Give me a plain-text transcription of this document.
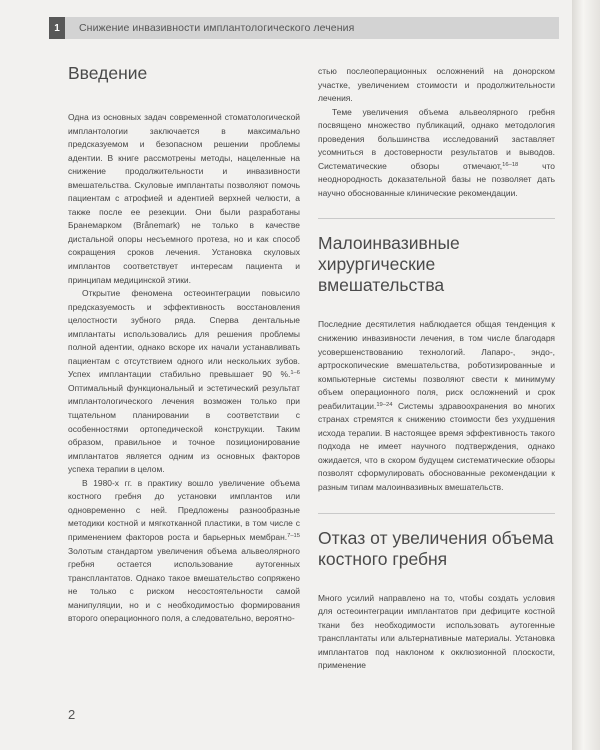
1	Снижение инвазивности имплантологического лечения
Введение

Одна из основных задач современной стоматологической имплантологии заключается в максимально предсказуемом и безопасном решении проблемы адентии. В книге рассмотрены методы, нацеленные на снижение продолжительности и инвазивности вмешательства. Скуловые имплантаты позволяют помочь пациентам с атрофией и адентией верхней челюсти, а также после ее резекции. Они были разработаны Бранемарком (Brånemark) не только в качестве дистальной опоры несъемного протеза, но и как способ сокращения сроков лечения. Установка скуловых имплантов соответствует интересам пациента и принципам медицинской этики.

Открытие феномена остеоинтеграции повысило предсказуемость и эффективность восстановления целостности зубного ряда. Сперва дентальные имплантаты использовались для решения проблемы полной адентии, однако вскоре их начали устанавливать пациентам с отсутствием одного или нескольких зубов. Успех имплантации стабильно превышает 90 %.$^{1-6}$ Оптимальный функциональный и эстетический результат имплантологического лечения возможен только при тщательном планировании в соответствии с особенностями ортопедической конструкции. Таким образом, правильное и точное позиционирование имплантатов является одним из основных факторов успеха терапии в целом.

В 1980-х гг. в практику вошло увеличение объема костного гребня до установки имплантов или одновременно с ней. Предложены разнообразные методики костной и мягкотканной пластики, в том числе с применением факторов роста и барьерных мембран.$^{7-15}$ Золотым стандартом увеличения объема альвеолярного гребня остается использование аутогенных трансплантатов. Однако такое вмешательство сопряжено не только с риском несостоятельности самой манипуляции, но и с необходимостью формирования второго операционного поля, а следовательно, вероятно-

стью послеоперационных осложнений на донорском участке, увеличением стоимости и продолжительности лечения.

Теме увеличения объема альвеолярного гребня посвящено множество публикаций, однако методология проведения большинства исследований заставляет усомниться в достоверности результатов и выводов. Систематические обзоры отмечают,$^{16-18}$ что неоднородность доказательной базы не позволяет дать научно обоснованные клинические рекомендации.

Малоинвазивные хирургические вмешательства

Последние десятилетия наблюдается общая тенденция к снижению инвазивности лечения, в том числе благодаря усовершенствованию технологий. Лапаро-, эндо-, артроскопические вмешательства, роботизированные и компьютерные системы позволяют свести к минимуму объем операционного поля, риск осложнений и срок реабилитации.$^{19-24}$ Системы здравоохранения во многих странах стремятся к снижению стоимости без ухудшения исхода терапии. В настоящее время эффективность такого подхода не имеет научного подтверждения, однако ожидается, что в скором будущем систематические обзоры позволят сформулировать обоснованные рекомендации к разным типам малоинвазивных вмешательств.

Отказ от увеличения объема костного гребня

Много усилий направлено на то, чтобы создать условия для остеоинтеграции имплантатов при дефиците костной ткани без необходимости использовать аутогенные трансплантаты или альтернативные материалы. Установка имплантатов под наклоном к окклюзионной плоскости, применение

2
